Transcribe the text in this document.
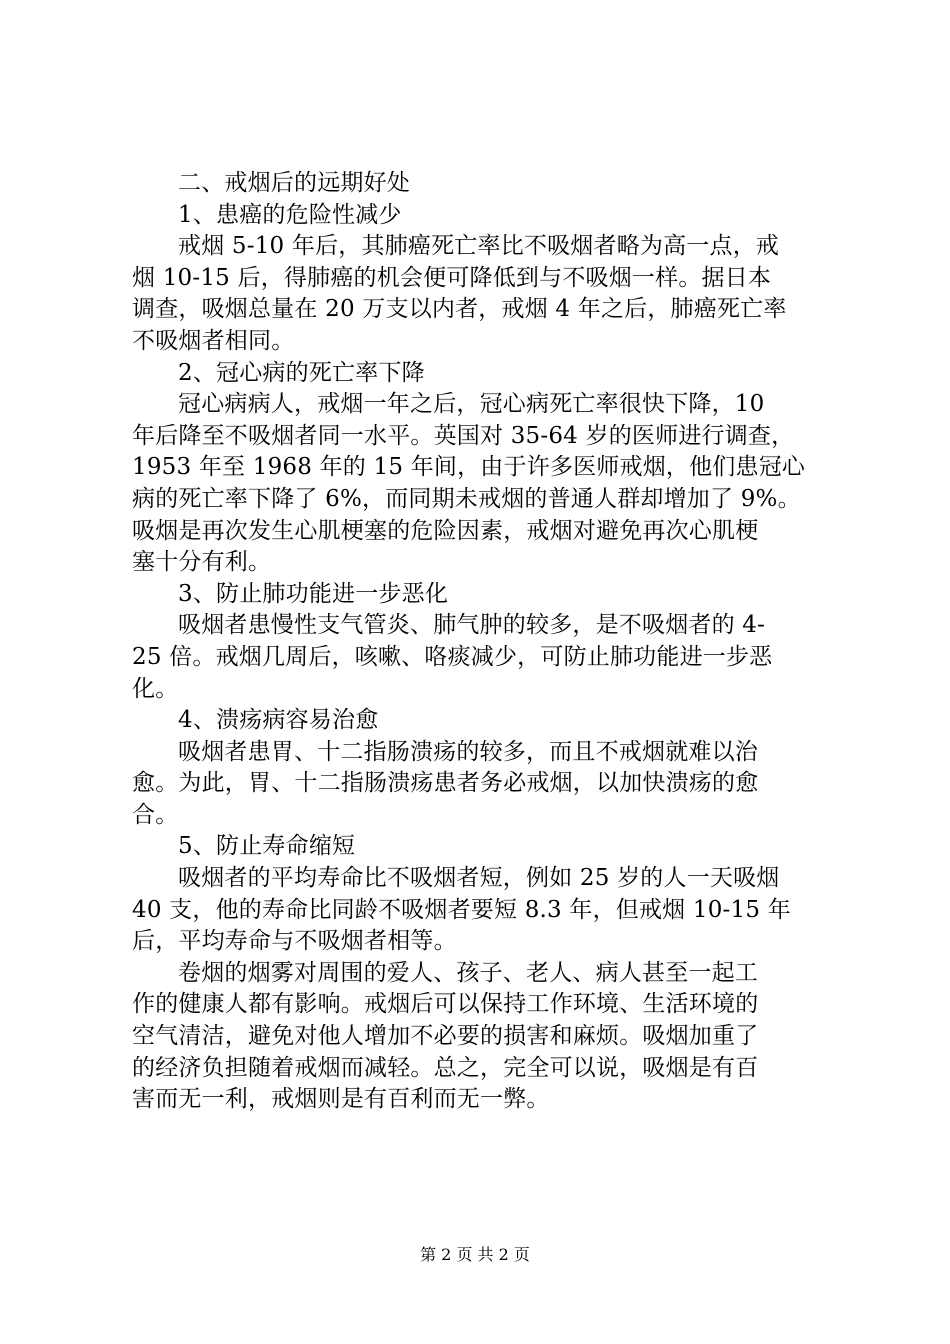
二、戒烟后的远期好处
1、患癌的危险性减少
戒烟 5-10 年后，其肺癌死亡率比不吸烟者略为高一点，戒
烟 10-15 后，得肺癌的机会便可降低到与不吸烟一样。据日本
调查，吸烟总量在 20 万支以内者，戒烟 4 年之后，肺癌死亡率
不吸烟者相同。
2、冠心病的死亡率下降
冠心病病人，戒烟一年之后，冠心病死亡率很快下降，10
年后降至不吸烟者同一水平。英国对 35-64 岁的医师进行调查，
1953 年至 1968 年的 15 年间，由于许多医师戒烟，他们患冠心
病的死亡率下降了 6%，而同期未戒烟的普通人群却增加了 9%。
吸烟是再次发生心肌梗塞的危险因素，戒烟对避免再次心肌梗
塞十分有利。
3、防止肺功能进一步恶化
吸烟者患慢性支气管炎、肺气肿的较多，是不吸烟者的 4-
25 倍。戒烟几周后，咳嗽、咯痰减少，可防止肺功能进一步恶
化。
4、溃疡病容易治愈
吸烟者患胃、十二指肠溃疡的较多，而且不戒烟就难以治
愈。为此，胃、十二指肠溃疡患者务必戒烟，以加快溃疡的愈
合。
5、防止寿命缩短
吸烟者的平均寿命比不吸烟者短，例如 25 岁的人一天吸烟
40 支，他的寿命比同龄不吸烟者要短 8.3 年，但戒烟 10-15 年
后，平均寿命与不吸烟者相等。
卷烟的烟雾对周围的爱人、孩子、老人、病人甚至一起工
作的健康人都有影响。戒烟后可以保持工作环境、生活环境的
空气清洁，避免对他人增加不必要的损害和麻烦。吸烟加重了
的经济负担随着戒烟而减轻。总之，完全可以说，吸烟是有百
害而无一利，戒烟则是有百利而无一弊。
第 2 页 共 2 页
